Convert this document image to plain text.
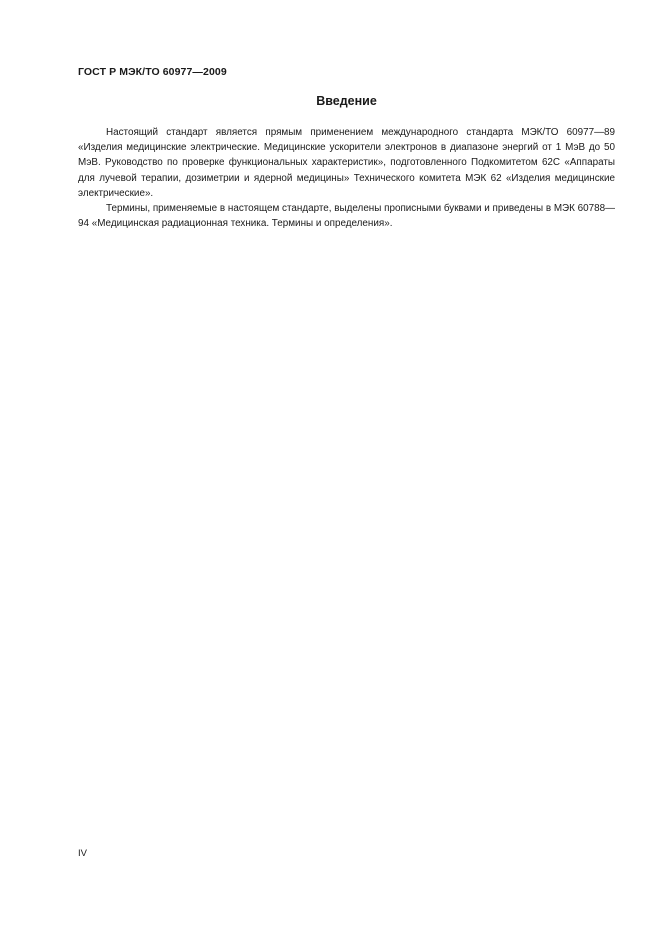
ГОСТ Р МЭК/ТО 60977—2009
Введение

Настоящий стандарт является прямым применением международного стандарта МЭК/ТО 60977—89 «Изделия медицинские электрические. Медицинские ускорители электронов в диапазоне энергий от 1 МэВ до 50 МэВ. Руководство по проверке функциональных характеристик», подготовленного Подкомитетом 62С «Аппараты для лучевой терапии, дозиметрии и ядерной медицины» Технического комитета МЭК 62 «Изделия медицинские электрические».

Термины, применяемые в настоящем стандарте, выделены прописными буквами и приведены в МЭК 60788—94 «Медицинская радиационная техника. Термины и определения».

IV
